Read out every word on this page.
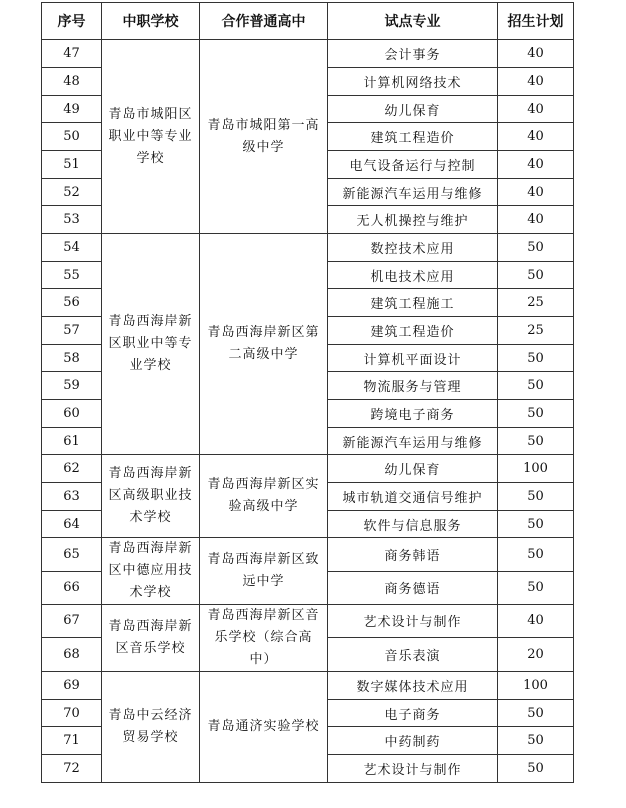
序号	中职学校	合作普通高中	试点专业	招生计划
47	青岛市城阳区职业中等专业学校	青岛市城阳第一高级中学	会计事务	40
48			计算机网络技术	40
49			幼儿保育	40
50			建筑工程造价	40
51			电气设备运行与控制	40
52			新能源汽车运用与维修	40
53			无人机操控与维护	40
54	青岛西海岸新区职业中等专业学校	青岛西海岸新区第二高级中学	数控技术应用	50
55			机电技术应用	50
56			建筑工程施工	25
57			建筑工程造价	25
58			计算机平面设计	50
59			物流服务与管理	50
60			跨境电子商务	50
61			新能源汽车运用与维修	50
62	青岛西海岸新区高级职业技术学校	青岛西海岸新区实验高级中学	幼儿保育	100
63			城市轨道交通信号维护	50
64			软件与信息服务	50
65	青岛西海岸新区中德应用技术学校	青岛西海岸新区致远中学	商务韩语	50
66			商务德语	50
67	青岛西海岸新区音乐学校	青岛西海岸新区音乐学校（综合高中）	艺术设计与制作	40
68			音乐表演	20
69	青岛中云经济贸易学校	青岛通济实验学校	数字媒体技术应用	100
70			电子商务	50
71			中药制药	50
72			艺术设计与制作	50
